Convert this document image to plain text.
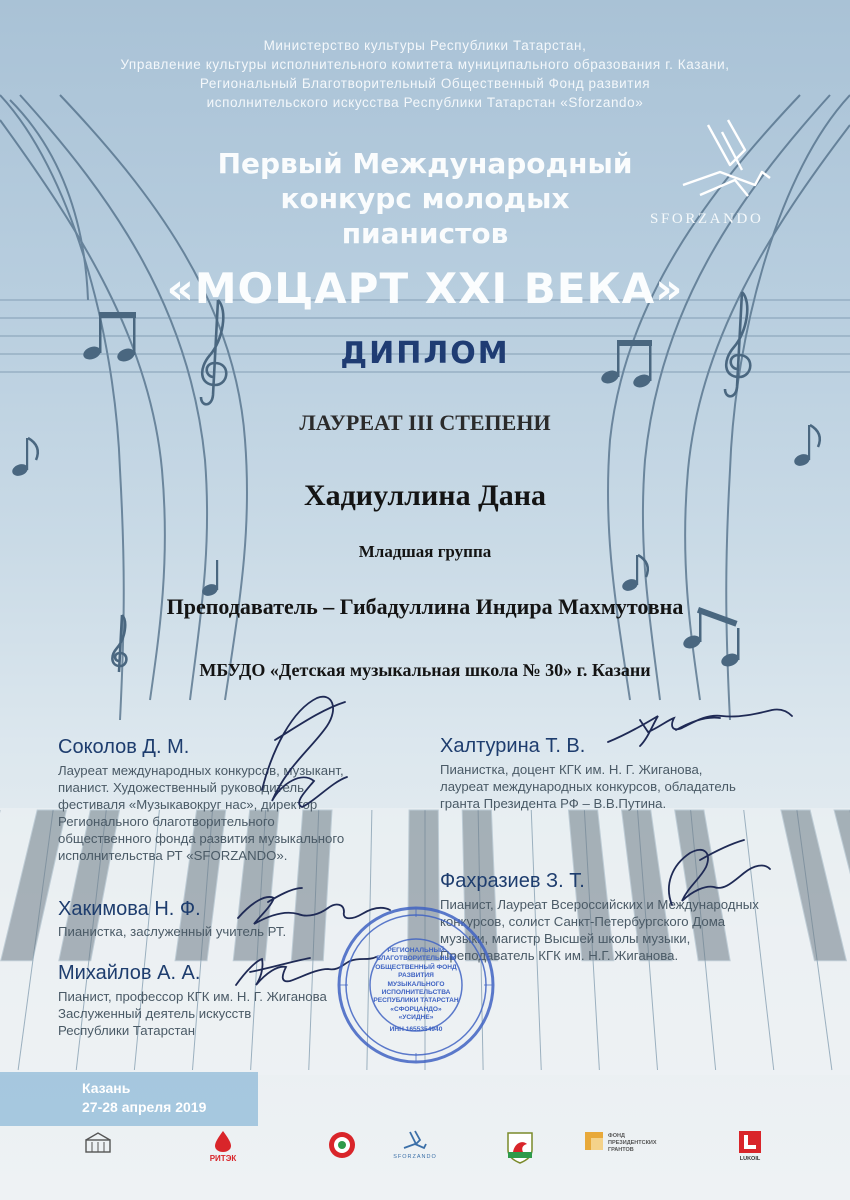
Министерство культуры Республики Татарстан,
Управление культуры исполнительного комитета муниципального образования г. Казани,
Региональный Благотворительный Общественный Фонд развития
исполнительского искусства Республики Татарстан «Sforzando»
SFORZANDO
Первый Международный
конкурс молодых
пианистов
«МОЦАРТ XXI ВЕКА»
ДИПЛОМ
ЛАУРЕАТ III СТЕПЕНИ
Хадиуллина Дана
Младшая группа
Преподаватель – Гибадуллина Индира Махмутовна
МБУДО «Детская музыкальная школа № 30» г. Казани
Соколов Д. М.
Лауреат международных конкурсов, музыкант,
пианист. Художественный руководитель
фестиваля «Музыкавокруг нас», директор
Регионального благотворительного
общественного фонда развития музыкального
исполнительства РТ «SFORZANDO».
Халтурина Т. В.
Пианистка, доцент КГК им. Н. Г. Жиганова,
лауреат международных конкурсов, обладатель
гранта Президента РФ – В.В.Путина.
Хакимова Н. Ф.
Пианистка, заслуженный учитель РТ.
Фахразиев З. Т.
Пианист, Лауреат Всероссийских и Международных
конкурсов, солист Санкт-Петербургского Дома
музыки, магистр Высшей школы музыки,
Преподаватель КГК им. Н.Г. Жиганова.
Михайлов А. А.
Пианист, профессор КГК им. Н. Г. Жиганова
Заслуженный деятель искусств
Республики Татарстан
РЕГИОНАЛЬНЫЙ
БЛАГОТВОРИТЕЛЬНЫЙ
ОБЩЕСТВЕННЫЙ ФОНД
РАЗВИТИЯ МУЗЫКАЛЬНОГО
ИСПОЛНИТЕЛЬСТВА
РЕСПУБЛИКИ ТАТАРСТАН
«СФОРЦАНДО»
«УСИДНЕ»
ИНН 1655354940
Казань
27-28 апреля 2019
РИТЭК	SFORZANDO
ФОНД
ПРЕЗИДЕНТСКИХ
ГРАНТОВ
LUKOIL
